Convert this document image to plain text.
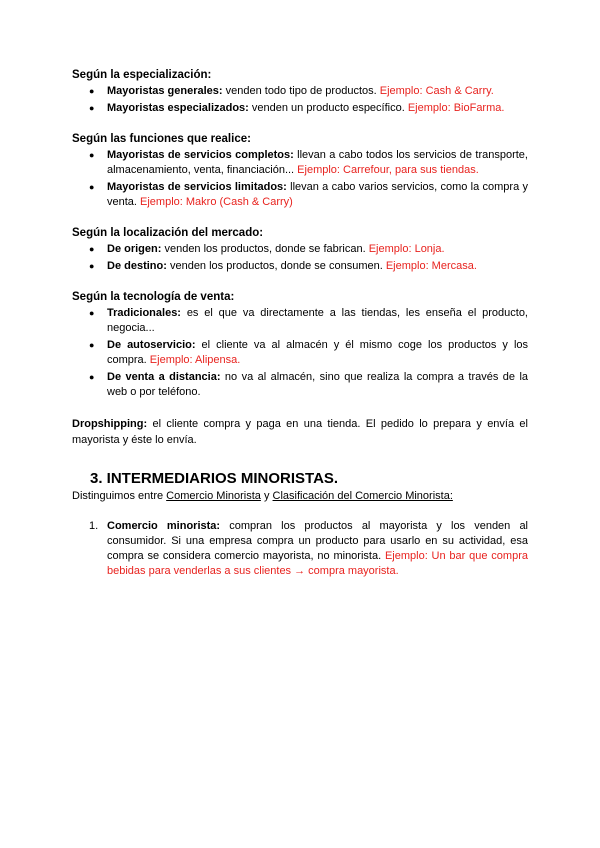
Según la especialización:

● Mayoristas generales: venden todo tipo de productos. Ejemplo: Cash & Carry.
● Mayoristas especializados: venden un producto específico. Ejemplo: BioFarma.

Según las funciones que realice:

● Mayoristas de servicios completos: llevan a cabo todos los servicios de transporte, almacenamiento, venta, financiación... Ejemplo: Carrefour, para sus tiendas.
● Mayoristas de servicios limitados: llevan a cabo varios servicios, como la compra y venta. Ejemplo: Makro (Cash & Carry)

Según la localización del mercado:

● De origen: venden los productos, donde se fabrican. Ejemplo: Lonja.
● De destino: venden los productos, donde se consumen. Ejemplo: Mercasa.

Según la tecnología de venta:

● Tradicionales: es el que va directamente a las tiendas, les enseña el producto, negocia...
● De autoservicio: el cliente va al almacén y él mismo coge los productos y los compra. Ejemplo: Alipensa.
● De venta a distancia: no va al almacén, sino que realiza la compra a través de la web o por teléfono.

Dropshipping: el cliente compra y paga en una tienda. El pedido lo prepara y envía el mayorista y éste lo envía.

3. INTERMEDIARIOS MINORISTAS.

Distinguimos entre Comercio Minorista y Clasificación del Comercio Minorista:

1. Comercio minorista: compran los productos al mayorista y los venden al consumidor. Si una empresa compra un producto para usarlo en su actividad, esa compra se considera comercio mayorista, no minorista. Ejemplo: Un bar que compra bebidas para venderlas a sus clientes → compra mayorista.
